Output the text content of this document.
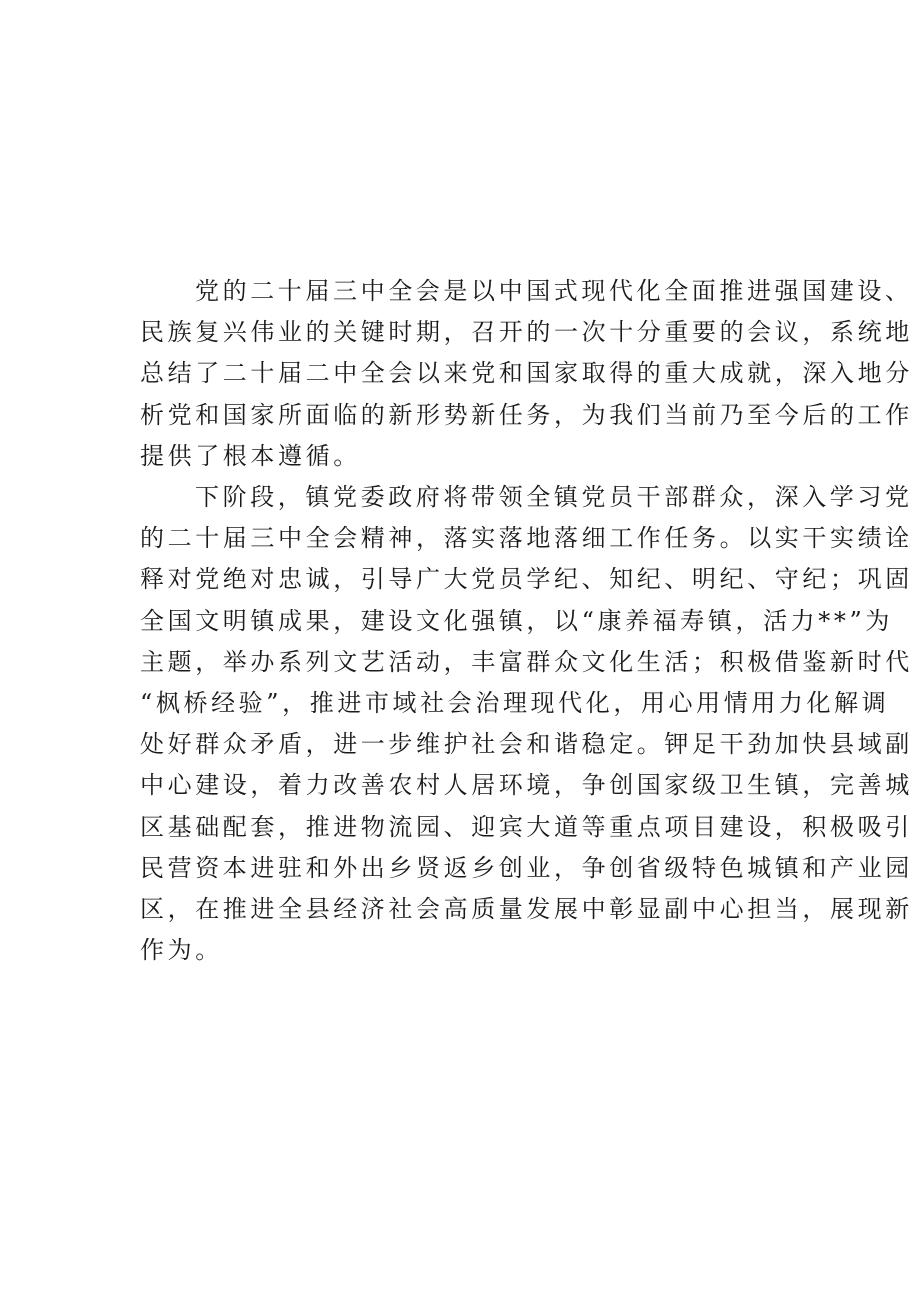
党的二十届三中全会是以中国式现代化全面推进强国建设、
民族复兴伟业的关键时期，召开的一次十分重要的会议，系统地
总结了二十届二中全会以来党和国家取得的重大成就，深入地分
析党和国家所面临的新形势新任务，为我们当前乃至今后的工作
提供了根本遵循。

下阶段，镇党委政府将带领全镇党员干部群众，深入学习党
的二十届三中全会精神，落实落地落细工作任务。以实干实绩诠
释对党绝对忠诚，引导广大党员学纪、知纪、明纪、守纪；巩固
全国文明镇成果，建设文化强镇，以“康养福寿镇，活力**”为
主题，举办系列文艺活动，丰富群众文化生活；积极借鉴新时代
“枫桥经验”，推进市域社会治理现代化，用心用情用力化解调
处好群众矛盾，进一步维护社会和谐稳定。钾足干劲加快县域副
中心建设，着力改善农村人居环境，争创国家级卫生镇，完善城
区基础配套，推进物流园、迎宾大道等重点项目建设，积极吸引
民营资本进驻和外出乡贤返乡创业，争创省级特色城镇和产业园
区，在推进全县经济社会高质量发展中彰显副中心担当，展现新
作为。
